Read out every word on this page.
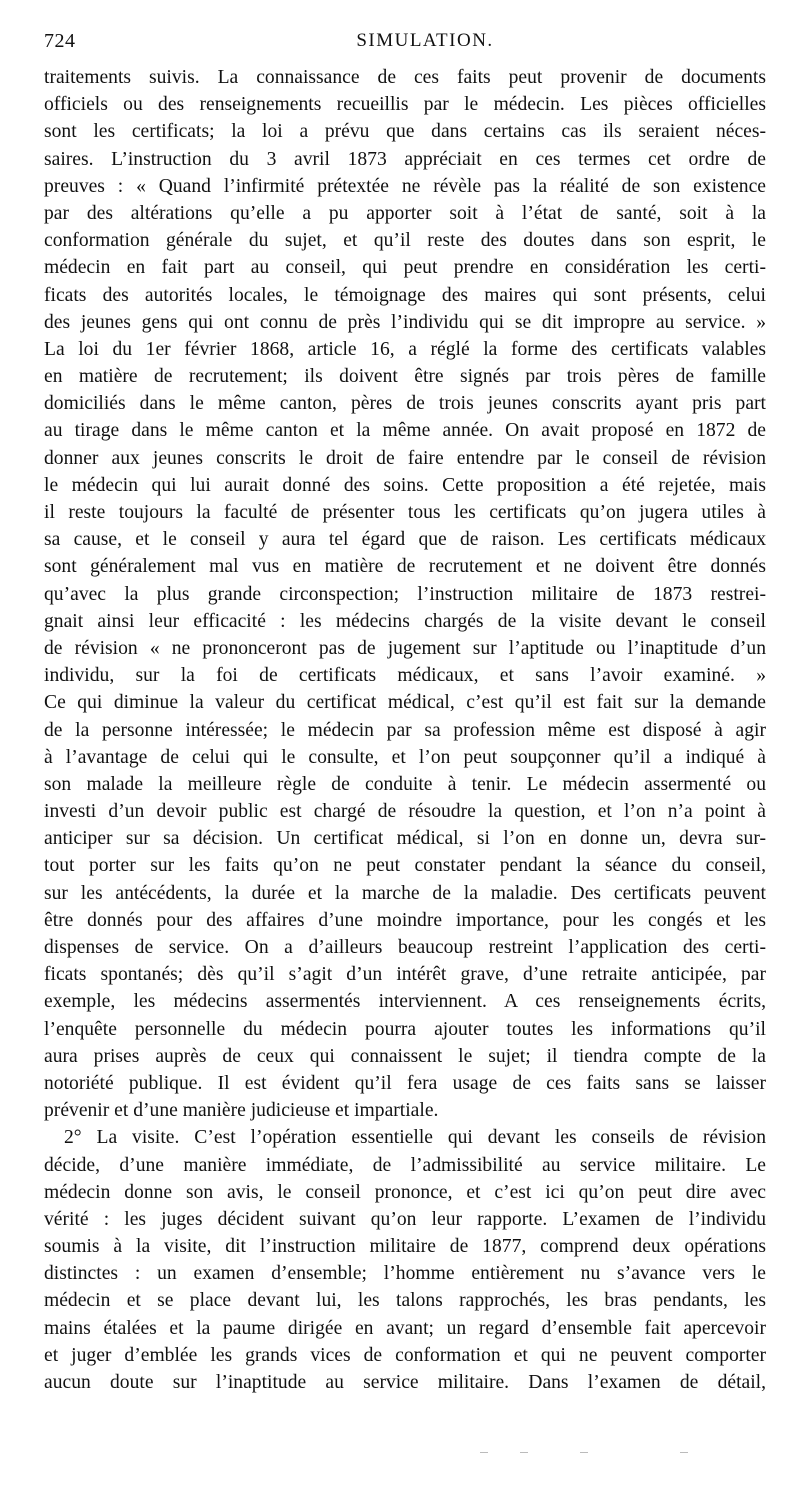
724	SIMULATION.
traitements suivis. La connaissance de ces faits peut provenir de documents
officiels ou des renseignements recueillis par le médecin. Les pièces officielles
sont les certificats; la loi a prévu que dans certains cas ils seraient néces-
saires. L’instruction du 3 avril 1873 appréciait en ces termes cet ordre de
preuves : « Quand l’infirmité prétextée ne révèle pas la réalité de son existence
par des altérations qu’elle a pu apporter soit à l’état de santé, soit à la
conformation générale du sujet, et qu’il reste des doutes dans son esprit, le
médecin en fait part au conseil, qui peut prendre en considération les certi-
ficats des autorités locales, le témoignage des maires qui sont présents, celui
des jeunes gens qui ont connu de près l’individu qui se dit impropre au service. »
La loi du 1er février 1868, article 16, a réglé la forme des certificats valables
en matière de recrutement; ils doivent être signés par trois pères de famille
domiciliés dans le même canton, pères de trois jeunes conscrits ayant pris part
au tirage dans le même canton et la même année. On avait proposé en 1872 de
donner aux jeunes conscrits le droit de faire entendre par le conseil de révision
le médecin qui lui aurait donné des soins. Cette proposition a été rejetée, mais
il reste toujours la faculté de présenter tous les certificats qu’on jugera utiles à
sa cause, et le conseil y aura tel égard que de raison. Les certificats médicaux
sont généralement mal vus en matière de recrutement et ne doivent être donnés
qu’avec la plus grande circonspection; l’instruction militaire de 1873 restrei-
gnait ainsi leur efficacité : les médecins chargés de la visite devant le conseil
de révision « ne prononceront pas de jugement sur l’aptitude ou l’inaptitude d’un
individu, sur la foi de certificats médicaux, et sans l’avoir examiné. »
Ce qui diminue la valeur du certificat médical, c’est qu’il est fait sur la demande
de la personne intéressée; le médecin par sa profession même est disposé à agir
à l’avantage de celui qui le consulte, et l’on peut soupçonner qu’il a indiqué à
son malade la meilleure règle de conduite à tenir. Le médecin assermenté ou
investi d’un devoir public est chargé de résoudre la question, et l’on n’a point à
anticiper sur sa décision. Un certificat médical, si l’on en donne un, devra sur-
tout porter sur les faits qu’on ne peut constater pendant la séance du conseil,
sur les antécédents, la durée et la marche de la maladie. Des certificats peuvent
être donnés pour des affaires d’une moindre importance, pour les congés et les
dispenses de service. On a d’ailleurs beaucoup restreint l’application des certi-
ficats spontanés; dès qu’il s’agit d’un intérêt grave, d’une retraite anticipée, par
exemple, les médecins assermentés interviennent. A ces renseignements écrits,
l’enquête personnelle du médecin pourra ajouter toutes les informations qu’il
aura prises auprès de ceux qui connaissent le sujet; il tiendra compte de la
notoriété publique. Il est évident qu’il fera usage de ces faits sans se laisser
prévenir et d’une manière judicieuse et impartiale.
2° La visite. C’est l’opération essentielle qui devant les conseils de révision
décide, d’une manière immédiate, de l’admissibilité au service militaire. Le
médecin donne son avis, le conseil prononce, et c’est ici qu’on peut dire avec
vérité : les juges décident suivant qu’on leur rapporte. L’examen de l’individu
soumis à la visite, dit l’instruction militaire de 1877, comprend deux opérations
distinctes : un examen d’ensemble; l’homme entièrement nu s’avance vers le
médecin et se place devant lui, les talons rapprochés, les bras pendants, les
mains étalées et la paume dirigée en avant; un regard d’ensemble fait apercevoir
et juger d’emblée les grands vices de conformation et qui ne peuvent comporter
aucun doute sur l’inaptitude au service militaire. Dans l’examen de détail,
